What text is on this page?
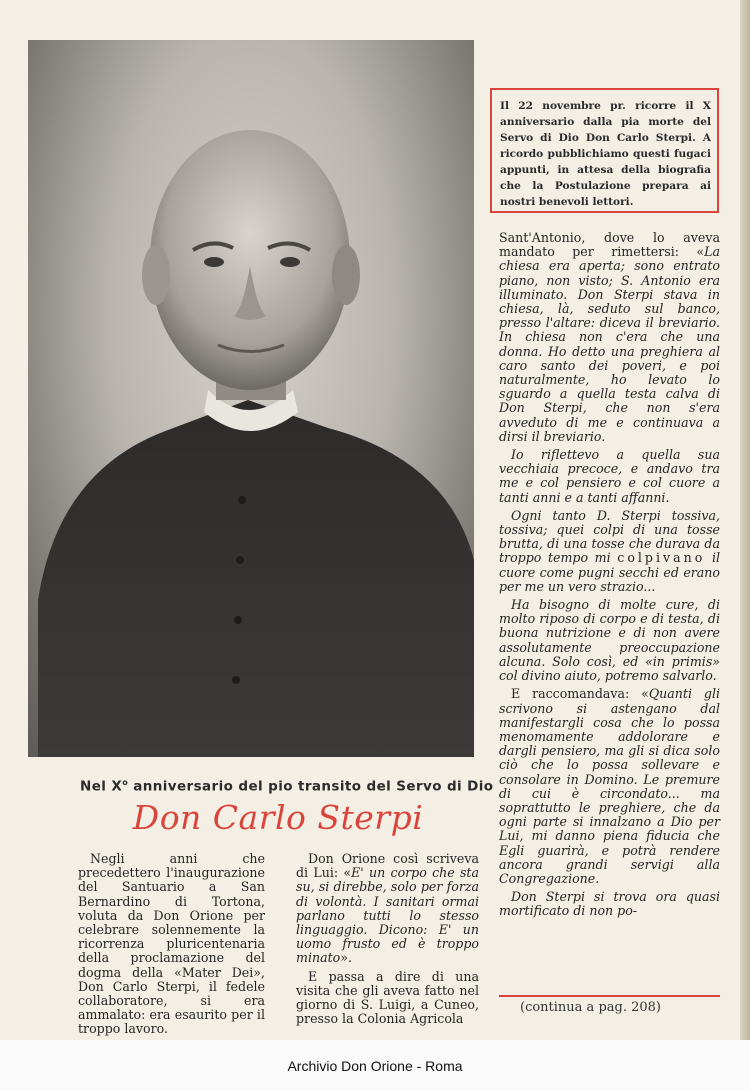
Il 22 novembre pr. ricorre il X anniversario dalla pia morte del Servo di Dio Don Carlo Sterpi. A ricordo pubblichiamo questi fugaci appunti, in attesa della biografia che la Postulazione prepara ai nostri benevoli lettori.

Sant'Antonio, dove lo aveva mandato per rimettersi: «La chiesa era aperta; sono entrato piano, non visto; S. Antonio era illuminato. Don Sterpi stava in chiesa, là, seduto sul banco, presso l'altare: diceva il breviario. In chiesa non c'era che una donna. Ho detto una preghiera al caro santo dei poveri, e poi naturalmente, ho levato lo sguardo a quella testa calva di Don Sterpi, che non s'era avveduto di me e continuava a dirsi il breviario.

Io riflettevo a quella sua vecchiaia precoce, e andavo tra me e col pensiero e col cuore a tanti anni e a tanti affanni.

Ogni tanto D. Sterpi tossiva, tossiva; quei colpi di una tosse brutta, di una tosse che durava da troppo tempo mi colpivano il cuore come pugni secchi ed erano per me un vero strazio...

Ha bisogno di molte cure, di molto riposo di corpo e di testa, di buona nutrizione e di non avere assolutamente preoccupazione alcuna. Solo così, ed «in primis» col divino aiuto, potremo salvarlo.

E raccomandava: «Quanti gli scrivono si astengano dal manifestargli cosa che lo possa menomamente addolorare e dargli pensiero, ma gli si dica solo ciò che lo possa sollevare e consolare in Domino. Le premure di cui è circondato... ma soprattutto le preghiere, che da ogni parte si innalzano a Dio per Lui, mi danno piena fiducia che Egli guarirà, e potrà rendere ancora grandi servigi alla Congregazione.

Don Sterpi si trova ora quasi mortificato di non po-

(continua a pag. 208)
Nel $X^o$ anniversario del pio transito del Servo di Dio
Don Carlo Sterpi

Negli anni che precedettero l'inaugurazione del Santuario a San Bernardino di Tortona, voluta da Don Orione per celebrare solennemente la ricorrenza pluricentenaria della proclamazione del dogma della «Mater Dei», Don Carlo Sterpi, il fedele collaboratore, si era ammalato: era esaurito per il troppo lavoro.

Don Orione così scriveva di Lui: «E' un corpo che sta su, si direbbe, solo per forza di volontà. I sanitari ormai parlano tutti lo stesso linguaggio. Dicono: E' un uomo frusto ed è troppo minato».

E passa a dire di una visita che gli aveva fatto nel giorno di S. Luigi, a Cuneo, presso la Colonia Agricola

Archivio Don Orione - Roma
